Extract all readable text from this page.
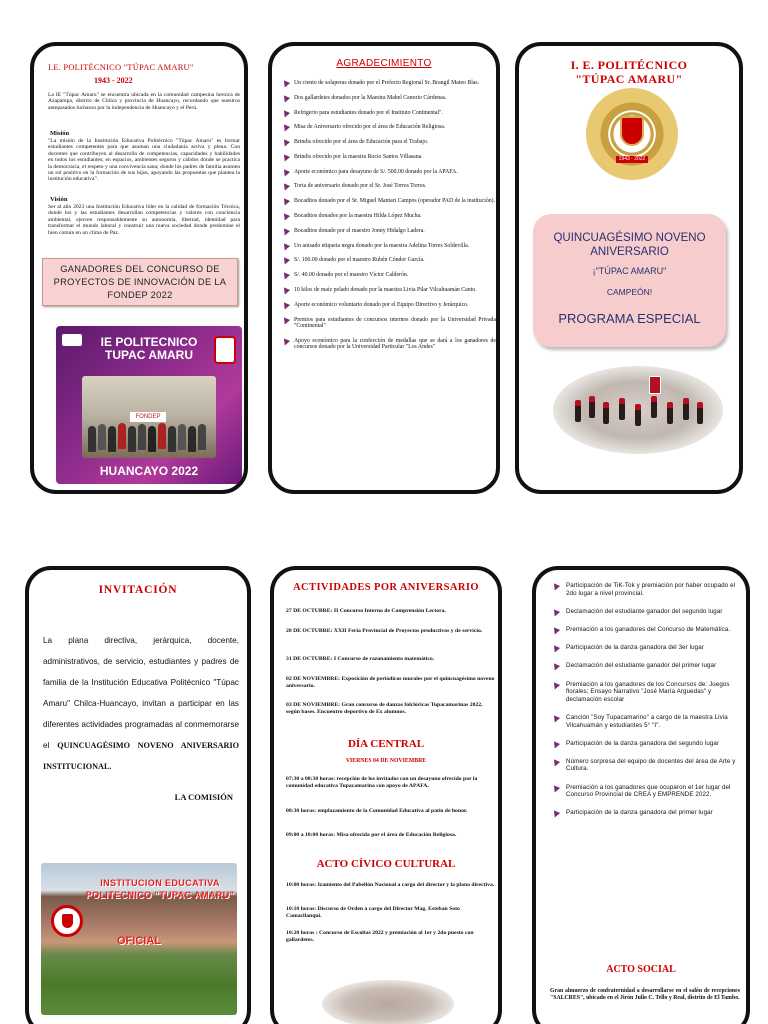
I.E. POLITÉCNICO "TÚPAC AMARU"
1943 - 2022
La IE "Túpac Amaru" se encuentra ubicada en la comunidad campesina heroica de Azapampa, distrito de Chilca y provincia de Huancayo, recordando que nuestros antepasados lucharon por la independencia de Huancayo y el Perú.
Misión
"La misión de la Institución Educativa Politécnico "Túpac Amaru" es formar estudiantes competentes para que asuman una ciudadanía activa y plena. Con docentes que contribuyen al desarrollo de competencias, capacidades y habilidades en todos los estudiantes; en espacios, ambientes seguros y cálidos donde se practica la democracia, el respeto y una convivencia sana; donde los padres de familia asumen un rol positivo en la formación de sus hijos, apoyando las propuestas que plantea la institución educativa".
Visión
Ser al año 2023 una Institución Educativa líder en la calidad de formación Técnica, donde los y las estudiantes desarrollan competencias y valores con conciencia ambiental, ejercen responsablemente su autonomía, libertad, identidad para transformar el mundo laboral y construir una nueva sociedad donde predomine el bien común en un clima de Paz.
GANADORES DEL CONCURSO DE PROYECTOS DE INNOVACIÓN DE LA FONDEP 2022
IE POLITECNICO TUPAC AMARU
FONDEP
HUANCAYO 2022
AGRADECIMIENTO
Un ciento de solaperas donado por el Prefecto Regional Sr. Brangil Mateo Blas.
Dos gallardetes donados por la Maestra Mabel Canorio Cárdenas.
Refrigerio para estudiantes donado por el Instituto Continental".
Misa de Aniversario ofrecido por el área de Educación Religiosa.
Brindis ofrecido por el área de Educación para el Trabajo.
Brindis ofrecido por la maestra Rocío Santos Villasana.
Aporte económico para desayuno de S/. 500.00 donado por la APAFA.
Torta de aniversario donado por el Sr. José Torres Torres.
Bocaditos donado por el Sr. Miguel Mantari Campos (operador PAD de la institución).
Bocaditos donados por la maestra Hilda López Mucha.
Bocaditos donado por el maestro Jonny Hidalgo Ladera.
Un anisado etiqueta negra donado por la maestra Adelina Torres Soldevilla.
S/. 100.00 donado por el maestro Rubén Cóndor García.
S/. 40.00 donado por el maestro Víctor Calderón.
10 kilos de maíz pelado donado por la maestra Livia Pilar Vilcahuamán Canto.
Aporte económico voluntario donado por el Equipo Directivo y Jerárquico.
Premios para estudiantes de concursos internos donado por la Universidad Privada "Continental"
Apoyo económico para la confección de medallas que se dará a los ganadores de concursos donado por la Universidad Particular "Los Andes"
I. E. POLITÉCNICO
"TÚPAC AMARU"
1943 - 2022
QUINCUAGÉSIMO NOVENO ANIVERSARIO
¡"TÚPAC AMARU"
CAMPEÓN!
PROGRAMA ESPECIAL
INVITACIÓN
La plana directiva, jerárquica, docente, administrativos, de servicio, estudiantes y padres de familia de la Institución Educativa Politécnico "Túpac Amaru" Chilca-Huancayo, invitan a participar en las diferentes actividades programadas al conmemorarse el QUINCUAGÉSIMO NOVENO ANIVERSARIO INSTITUCIONAL.
LA COMISIÓN
INSTITUCION EDUCATIVA POLITECNICO "TUPAC AMARU"
OFICIAL
ACTIVIDADES POR ANIVERSARIO
27 DE OCTUBRE: II Concurso Interno de Comprensión Lectora.
28 DE OCTUBRE: XXII Feria Provincial de Proyectos productivos y de servicio.
31 DE OCTUBRE: I Concurso de razonamiento matemático.
02 DE NOVIEMBRE: Exposición de periódicos murales por el quincuagésimo noveno aniversario.
03 DE NOVIEMBRE: Gran concurso de danzas folclóricas Tupacamarinas 2022, según bases. Encuentro deportivo de Ex alumnos.
DÍA CENTRAL
VIERNES 04 DE NOVIEMBRE
07:30 a 08:30 horas: recepción de los invitados con un desayuno ofrecido por la comunidad educativa Tupacamarina con apoyo de APAFA.
08:30 horas: emplazamiento de la Comunidad Educativa al patio de honor.
09:00 a 10:00 horas: Misa ofrecida por el área de Educación Religiosa.
ACTO CÍVICO CULTURAL
10:00 horas: Izamiento del Pabellón Nacional a cargo del director y la plana directiva.
10:10 horas: Discurso de Orden a cargo del Director Mag. Esteban Soto Camacllanqui.
10:20 horas : Concurso de Escoltas 2022 y premiación al 1er y 2do puesto con gallardetes.
Participación de TiK-Tok y premiación por haber ocupado el 2do lugar a nivel provincial.
Declamación del estudiante ganador del segundo lugar
Premiación a los ganadores del Concurso de Matemática.
Participación de la danza ganadora del 3er lugar
Declamación del estudiante ganador del primer lugar
Premiación a los ganadores de los Concursos de: Juegos florales; Ensayo Narrativo "José María Arguedas" y declamación escolar
Canción "Soy Tupacamarino" a cargo de la maestra Livia Vilcahuamán y estudiantes 5° "I".
Participación de la danza ganadora del segundo lugar
Número sorpresa del equipo de docentes del área de Arte y Cultura.
Premiación a los ganadores que ocuparon el 1er lugar del Concurso Provincial de CREA y EMPRENDE 2022.
Participación de la danza ganadora del primer lugar
ACTO SOCIAL
Gran almuerzo de confraternidad a desarrollarse en el salón de recepciones "SALCRES", ubicado en el Jirón Julio C. Tello y Real, distrito de El Tambo.
